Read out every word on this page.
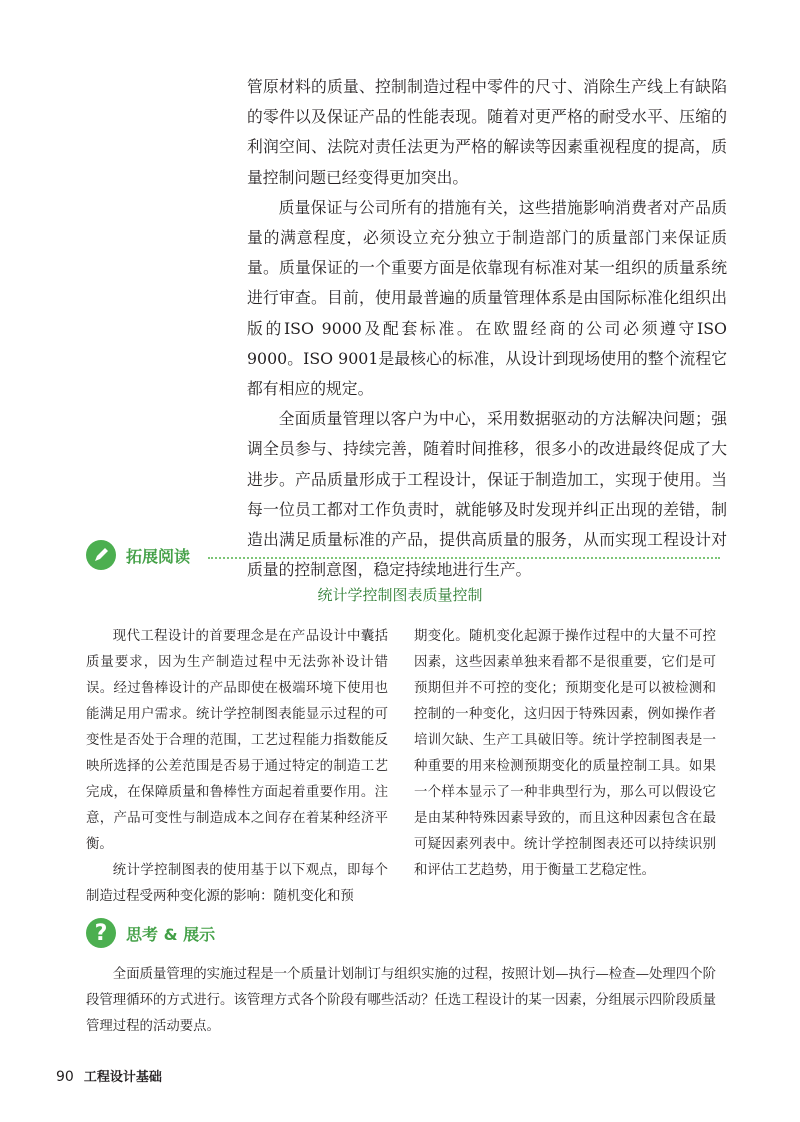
管原材料的质量、控制制造过程中零件的尺寸、消除生产线上有缺陷的零件以及保证产品的性能表现。随着对更严格的耐受水平、压缩的利润空间、法院对责任法更为严格的解读等因素重视程度的提高，质量控制问题已经变得更加突出。

质量保证与公司所有的措施有关，这些措施影响消费者对产品质量的满意程度，必须设立充分独立于制造部门的质量部门来保证质量。质量保证的一个重要方面是依靠现有标准对某一组织的质量系统进行审查。目前，使用最普遍的质量管理体系是由国际标准化组织出版的ISO 9000及配套标准。在欧盟经商的公司必须遵守ISO 9000。ISO 9001是最核心的标准，从设计到现场使用的整个流程它都有相应的规定。

全面质量管理以客户为中心，采用数据驱动的方法解决问题；强调全员参与、持续完善，随着时间推移，很多小的改进最终促成了大进步。产品质量形成于工程设计，保证于制造加工，实现于使用。当每一位员工都对工作负责时，就能够及时发现并纠正出现的差错，制造出满足质量标准的产品，提供高质量的服务，从而实现工程设计对质量的控制意图，稳定持续地进行生产。

拓展阅读
统计学控制图表质量控制

现代工程设计的首要理念是在产品设计中囊括质量要求，因为生产制造过程中无法弥补设计错误。经过鲁棒设计的产品即使在极端环境下使用也能满足用户需求。统计学控制图表能显示过程的可变性是否处于合理的范围，工艺过程能力指数能反映所选择的公差范围是否易于通过特定的制造工艺完成，在保障质量和鲁棒性方面起着重要作用。注意，产品可变性与制造成本之间存在着某种经济平衡。

统计学控制图表的使用基于以下观点，即每个制造过程受两种变化源的影响：随机变化和预

期变化。随机变化起源于操作过程中的大量不可控因素，这些因素单独来看都不是很重要，它们是可预期但并不可控的变化；预期变化是可以被检测和控制的一种变化，这归因于特殊因素，例如操作者培训欠缺、生产工具破旧等。统计学控制图表是一种重要的用来检测预期变化的质量控制工具。如果一个样本显示了一种非典型行为，那么可以假设它是由某种特殊因素导致的，而且这种因素包含在最可疑因素列表中。统计学控制图表还可以持续识别和评估工艺趋势，用于衡量工艺稳定性。

?	思考 & 展示

全面质量管理的实施过程是一个质量计划制订与组织实施的过程，按照计划—执行—检查—处理四个阶段管理循环的方式进行。该管理方式各个阶段有哪些活动？任选工程设计的某一因素，分组展示四阶段质量管理过程的活动要点。

90 工程设计基础
